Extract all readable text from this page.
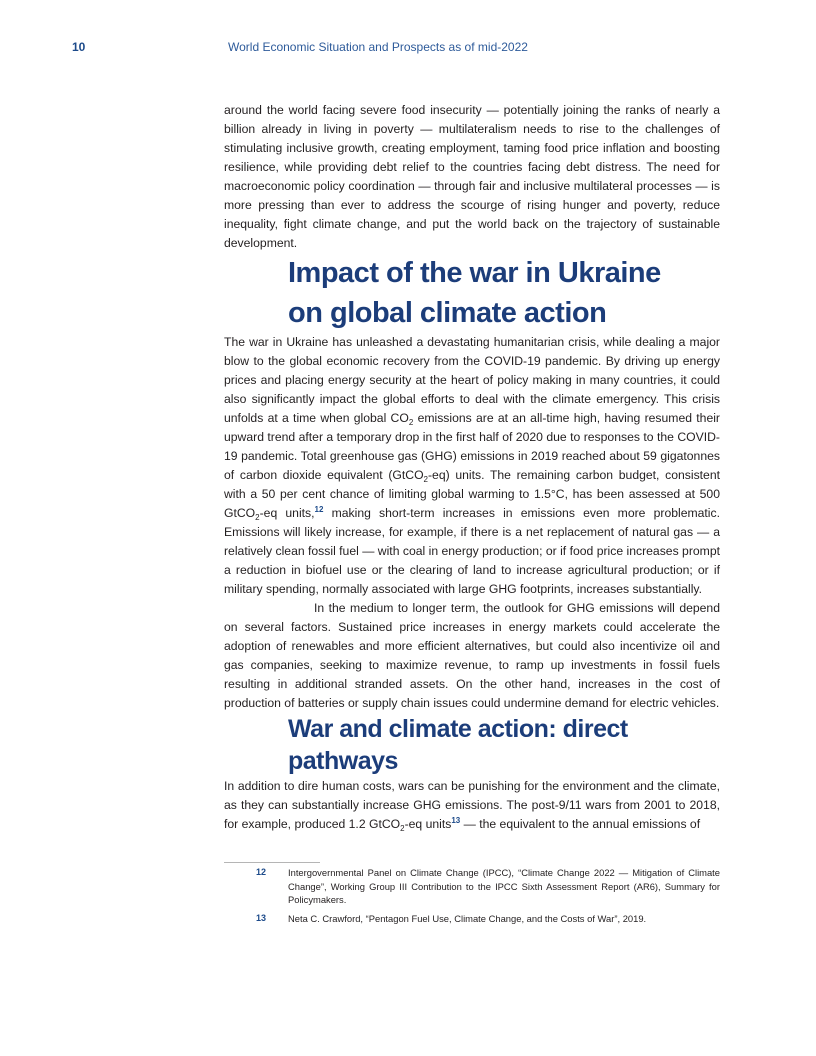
10	World Economic Situation and Prospects as of mid-2022

around the world facing severe food insecurity — potentially joining the ranks of nearly a billion already in living in poverty — multilateralism needs to rise to the challenges of stimulating inclusive growth, creating employment, taming food price inflation and boosting resilience, while providing debt relief to the countries facing debt distress. The need for macroeconomic policy coordination — through fair and inclusive multilateral processes — is more pressing than ever to address the scourge of rising hunger and poverty, reduce inequality, fight climate change, and put the world back on the trajectory of sustainable development.

Impact of the war in Ukraine
on global climate action

The war in Ukraine has unleashed a devastating humanitarian crisis, while dealing a major blow to the global economic recovery from the COVID-19 pandemic. By driving up energy prices and placing energy security at the heart of policy making in many countries, it could also significantly impact the global efforts to deal with the climate emergency. This crisis unfolds at a time when global $CO_2$ emissions are at an all-time high, having resumed their upward trend after a temporary drop in the first half of 2020 due to responses to the COVID-19 pandemic. Total greenhouse gas (GHG) emissions in 2019 reached about 59 gigatonnes of carbon dioxide equivalent (GtCO$_2$-eq) units. The remaining carbon budget, consistent with a 50 per cent chance of limiting global warming to 1.5°C, has been assessed at 500 GtCO$_2$-eq units,$^{12}$ making short-term increases in emissions even more problematic. Emissions will likely increase, for example, if there is a net replacement of natural gas — a relatively clean fossil fuel — with coal in energy production; or if food price increases prompt a reduction in biofuel use or the clearing of land to increase agricultural production; or if military spending, normally associated with large GHG footprints, increases substantially.

In the medium to longer term, the outlook for GHG emissions will depend on several factors. Sustained price increases in energy markets could accelerate the adoption of renewables and more efficient alternatives, but could also incentivize oil and gas companies, seeking to maximize revenue, to ramp up investments in fossil fuels resulting in additional stranded assets. On the other hand, increases in the cost of production of batteries or supply chain issues could undermine demand for electric vehicles.

War and climate action: direct pathways

In addition to dire human costs, wars can be punishing for the environment and the climate, as they can substantially increase GHG emissions. The post-9/11 wars from 2001 to 2018, for example, produced 1.2 GtCO$_2$-eq units$^{13}$ — the equivalent to the annual emissions of

12 Intergovernmental Panel on Climate Change (IPCC), “Climate Change 2022 — Mitigation of Climate Change”, Working Group III Contribution to the IPCC Sixth Assessment Report (AR6), Summary for Policymakers.
13 Neta C. Crawford, “Pentagon Fuel Use, Climate Change, and the Costs of War”, 2019.
